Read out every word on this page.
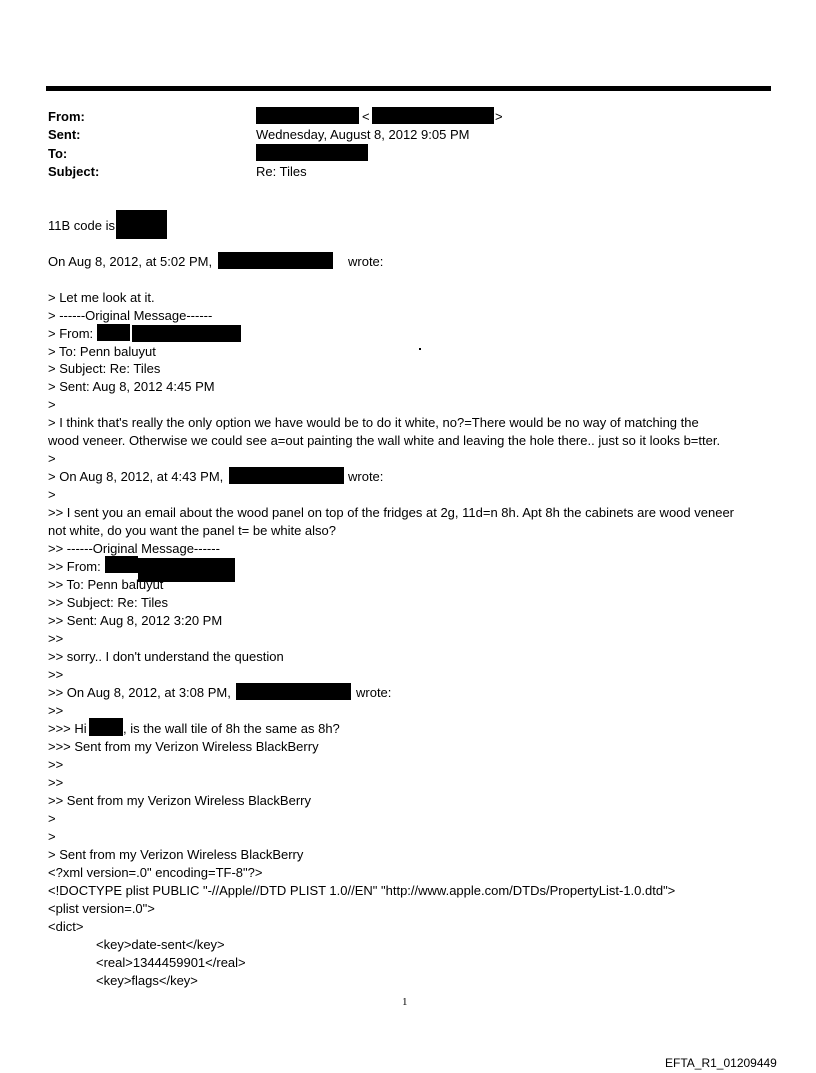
From:	<	>
Sent:	Wednesday, August 8, 2012 9:05 PM
To:
Subject:	Re: Tiles
11B code is
On Aug 8, 2012, at 5:02 PM,	wrote:
> Let me look at it.
> ------Original Message------
> From:
> To: Penn baluyut
> Subject: Re: Tiles
> Sent: Aug 8, 2012 4:45 PM
>
> I think that's really the only option we have would be to do it white, no?=There would be no way of matching the
wood veneer. Otherwise we could see a=out painting the wall white and leaving the hole there.. just so it looks b=tter.
>
> On Aug 8, 2012, at 4:43 PM,	wrote:
>
>> I sent you an email about the wood panel on top of the fridges at 2g, 11d=n 8h. Apt 8h the cabinets are wood veneer
not white, do you want the panel t= be white also?
>> ------Original Message------
>> From:
>> To: Penn baluyut
>> Subject: Re: Tiles
>> Sent: Aug 8, 2012 3:20 PM
>>
>> sorry.. I don't understand the question
>>
>> On Aug 8, 2012, at 3:08 PM,	wrote:
>>
>>> Hi	, is the wall tile of 8h the same as 8h?
>>> Sent from my Verizon Wireless BlackBerry
>>
>>
>> Sent from my Verizon Wireless BlackBerry
>
>
> Sent from my Verizon Wireless BlackBerry
<?xml version=.0" encoding=TF-8"?>
<!DOCTYPE plist PUBLIC "-//Apple//DTD PLIST 1.0//EN" "http://www.apple.com/DTDs/PropertyList-1.0.dtd">
<plist version=.0">
<dict>
<key>date-sent</key>
<real>1344459901</real>
<key>flags</key>
1
EFTA_R1_01209449
